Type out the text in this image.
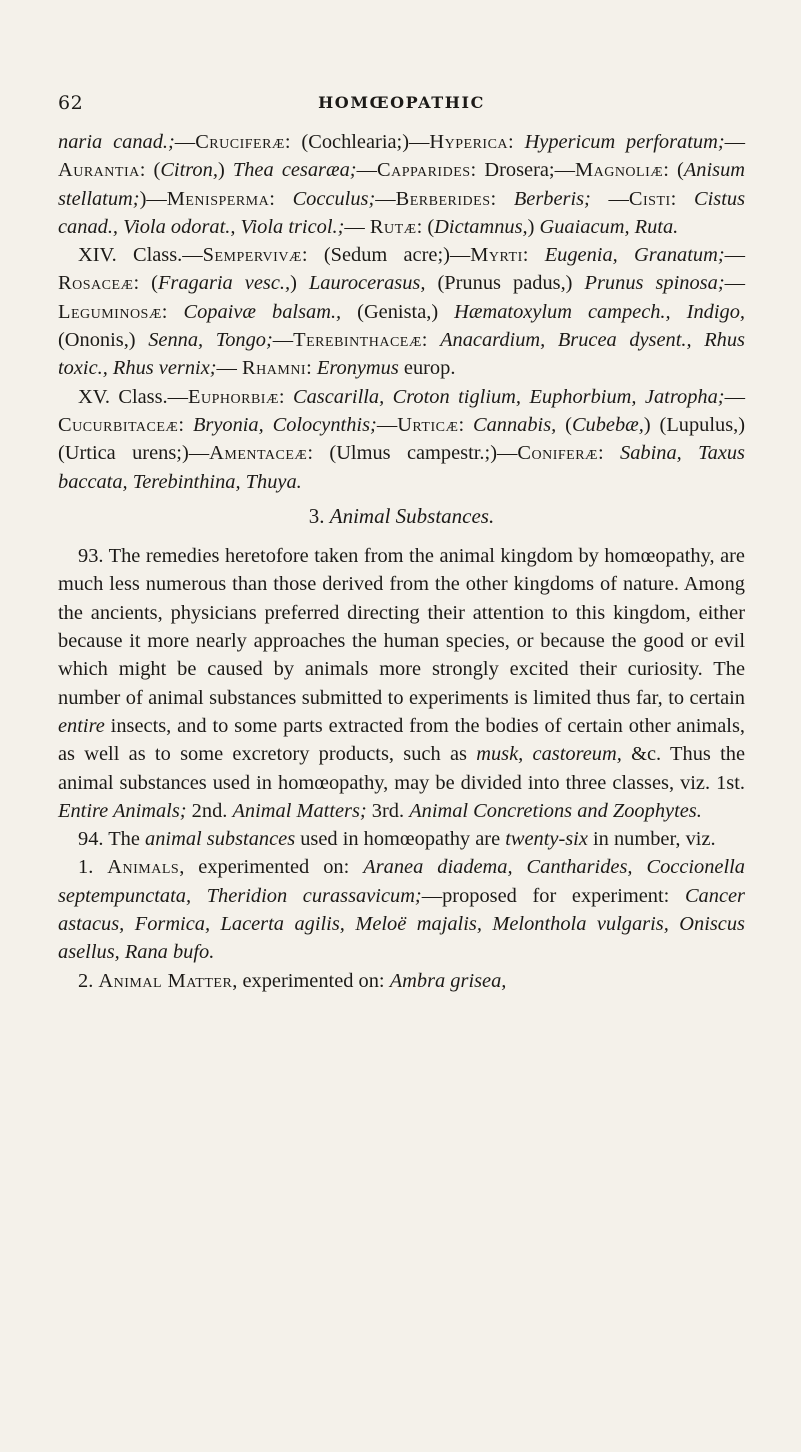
62	HOMŒOPATHIC

naria canad.;—Cruciferæ: (Cochlearia;)—Hyperica: Hypericum perforatum;—Aurantia: (Citron,) Thea cesaræa;—Capparides: Drosera;—Magnoliæ: (Anisum stellatum;)—Menisperma: Cocculus;—Berberides: Berberis; —Cisti: Cistus canad., Viola odorat., Viola tricol.;— Rutæ: (Dictamnus,) Guaiacum, Ruta.

XIV. Class.—Sempervivæ: (Sedum acre;)—Myrti: Eugenia, Granatum;—Rosaceæ: (Fragaria vesc.,) Laurocerasus, (Prunus padus,) Prunus spinosa;—Leguminosæ: Copaivæ balsam., (Genista,) Hæmatoxylum campech., Indigo, (Ononis,) Senna, Tongo;—Terebinthaceæ: Anacardium, Brucea dysent., Rhus toxic., Rhus vernix;— Rhamni: Eronymus europ.

XV. Class.—Euphorbiæ: Cascarilla, Croton tiglium, Euphorbium, Jatropha;—Cucurbitaceæ: Bryonia, Colocynthis;—Urticæ: Cannabis, (Cubebæ,) (Lupulus,) (Urtica urens;)—Amentaceæ: (Ulmus campestr.;)—Coniferæ: Sabina, Taxus baccata, Terebinthina, Thuya.

3. Animal Substances.

93. The remedies heretofore taken from the animal kingdom by homœopathy, are much less numerous than those derived from the other kingdoms of nature. Among the ancients, physicians preferred directing their attention to this kingdom, either because it more nearly approaches the human species, or because the good or evil which might be caused by animals more strongly excited their curiosity. The number of animal substances submitted to experiments is limited thus far, to certain entire insects, and to some parts extracted from the bodies of certain other animals, as well as to some excretory products, such as musk, castoreum, &c. Thus the animal substances used in homœopathy, may be divided into three classes, viz. 1st. Entire Animals; 2nd. Animal Matters; 3rd. Animal Concretions and Zoophytes.

94. The animal substances used in homœopathy are twenty-six in number, viz.

1. Animals, experimented on: Aranea diadema, Cantharides, Coccionella septempunctata, Theridion curassavicum;—proposed for experiment: Cancer astacus, Formica, Lacerta agilis, Meloë majalis, Melonthola vulgaris, Oniscus asellus, Rana bufo.

2. Animal Matter, experimented on: Ambra grisea,
